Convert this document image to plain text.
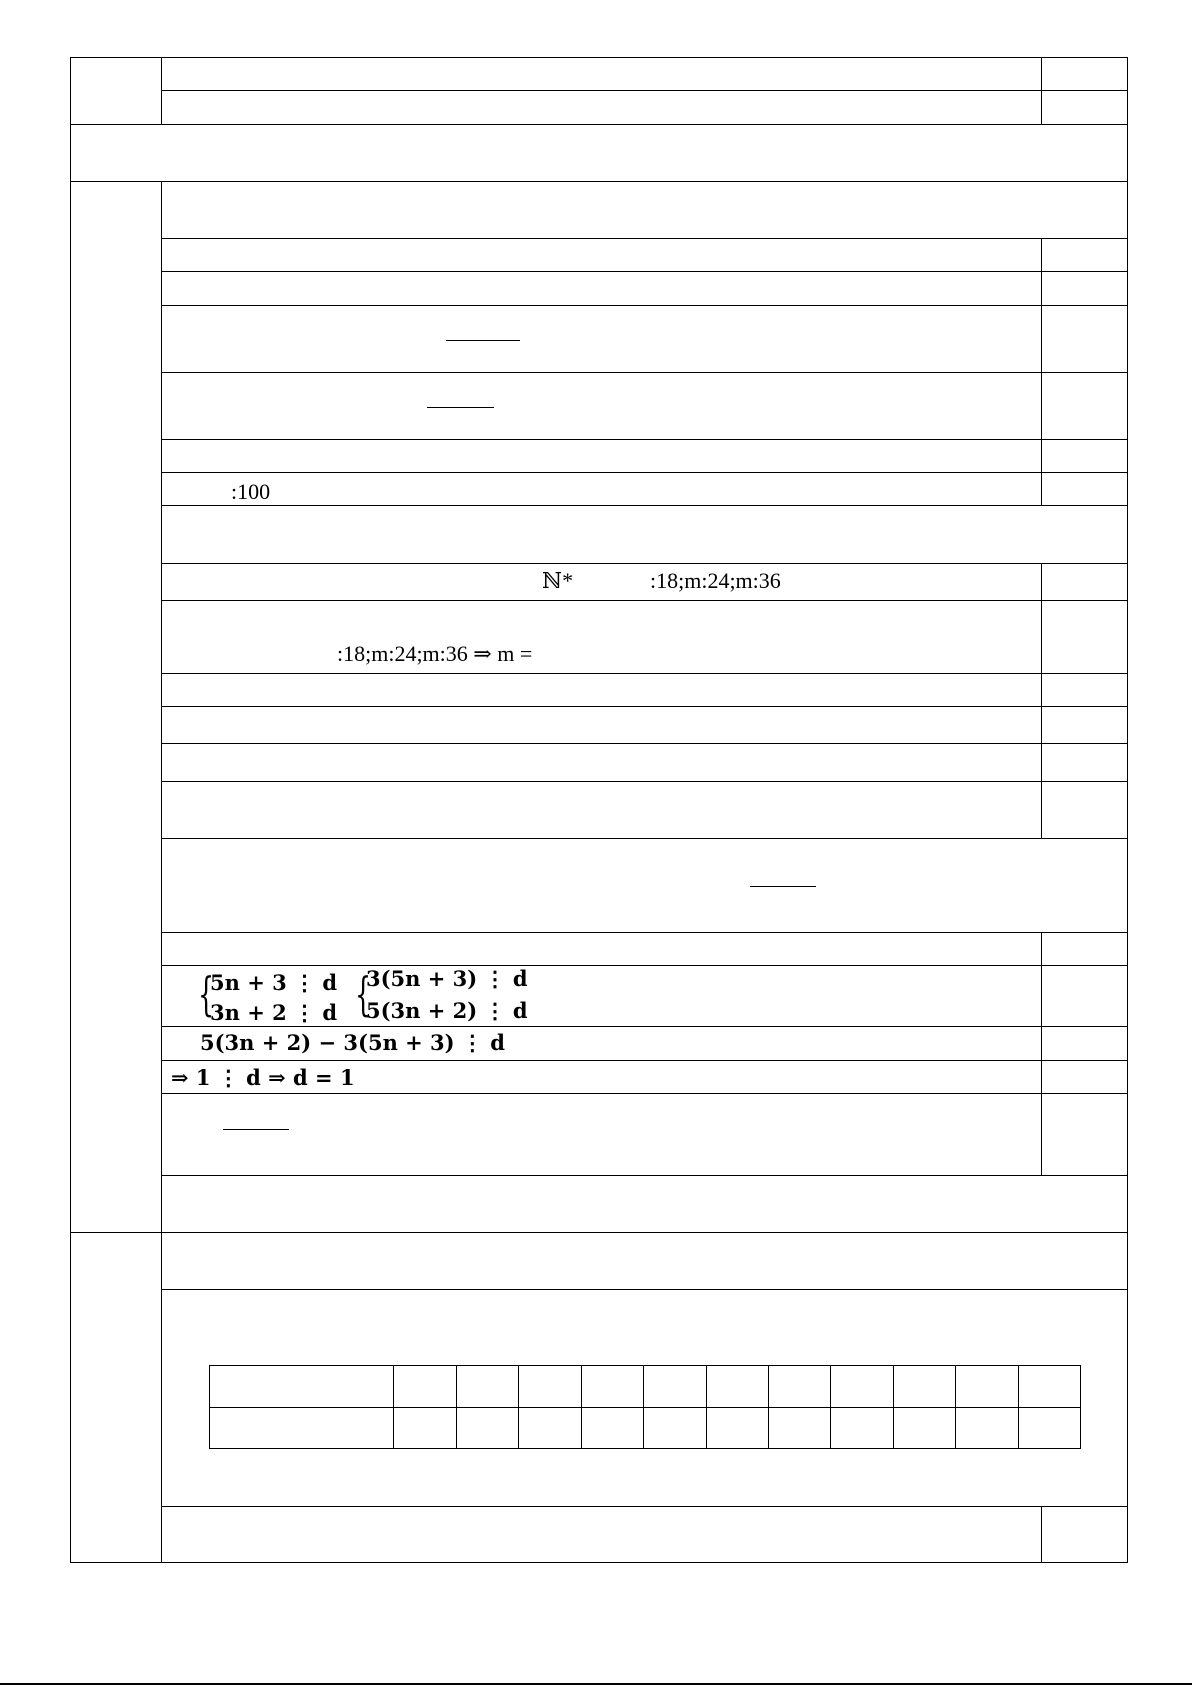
:100
ℕ*	:18;m:24;m:36
:18;m:24;m:36 ⇒ m =
{
5n + 3 ⋮ d
3n + 2 ⋮ d {
3(5n + 3) ⋮ d
5(3n + 2) ⋮ d
5(3n + 2) − 3(5n + 3) ⋮ d
⇒ 1 ⋮ d ⇒ d = 1
